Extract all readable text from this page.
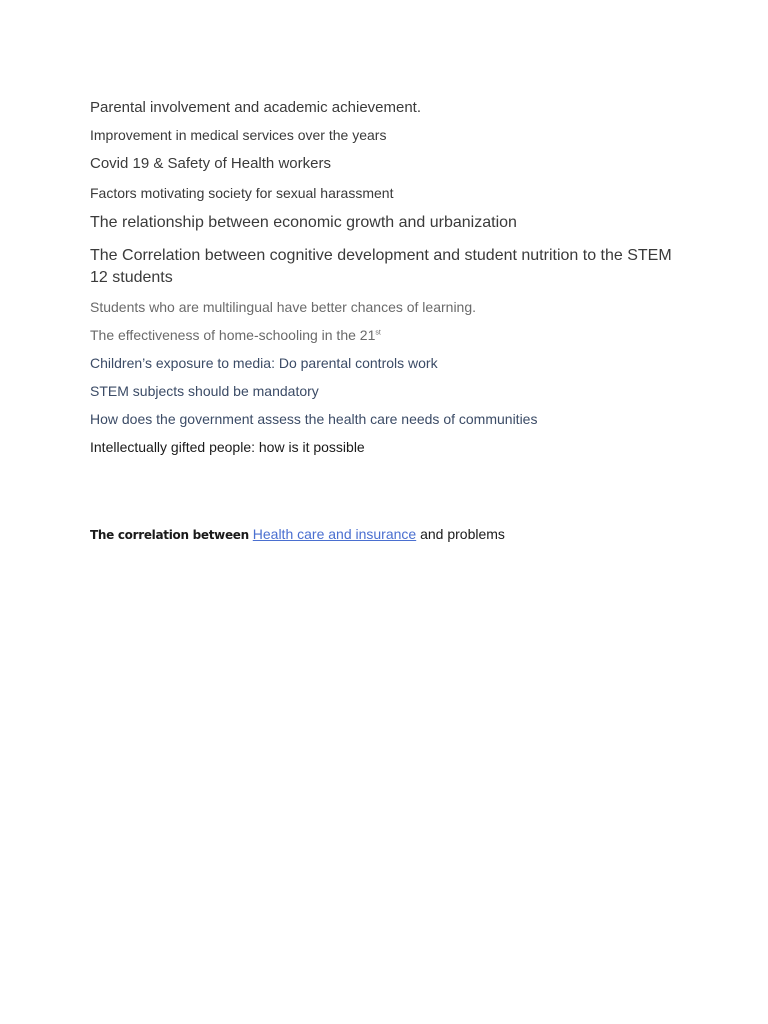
Parental involvement and academic achievement.

Improvement in medical services over the years

Covid 19 & Safety of Health workers

Factors motivating society for sexual harassment

The relationship between economic growth and urbanization

The Correlation between cognitive development and student nutrition to the STEM 12 students

Students who are multilingual have better chances of learning.

The effectiveness of home-schooling in the 21st

Children’s exposure to media: Do parental controls work

STEM subjects should be mandatory

How does the government assess the health care needs of communities

Intellectually gifted people: how is it possible

The correlation between Health care and insurance and problems
